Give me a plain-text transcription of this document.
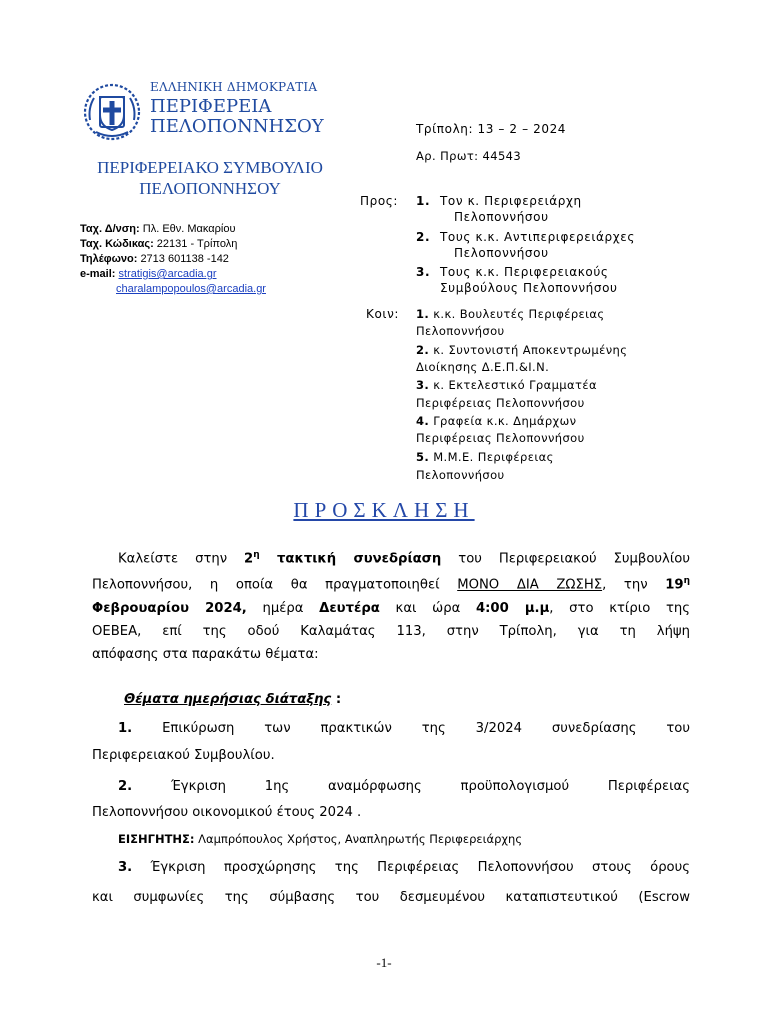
ΕΛΛΗΝΙΚΗ ΔΗΜΟΚΡΑΤΙΑ
ΠΕΡΙΦΕΡΕΙΑ
ΠΕΛΟΠΟΝΝΗΣΟΥ
ΠΕΡΙΦΕΡΕΙΑΚΟ ΣΥΜΒΟΥΛΙΟ
ΠΕΛΟΠΟΝΝΗΣΟΥ
Ταχ. Δ/νση: Πλ. Εθν. Μακαρίου
Ταχ. Κώδικας: 22131 - Τρίπολη
Τηλέφωνο: 2713 601138 -142
e-mail: stratigis@arcadia.gr
charalampopoulos@arcadia.gr
Τρίπολη: 13 – 2 – 2024
Αρ. Πρωτ: 44543
Προς: 1. Τον κ. Περιφερειάρχη
Πελοποννήσου
2. Τους κ.κ. Αντιπεριφερειάρχες
Πελοποννήσου
3. Τους κ.κ. Περιφερειακούς
Συμβούλους Πελοποννήσου
Κοιν: 1. κ.κ. Βουλευτές Περιφέρειας
Πελοποννήσου
2. κ. Συντονιστή Αποκεντρωμένης
Διοίκησης Δ.Ε.Π.&Ι.Ν.
3. κ. Εκτελεστικό Γραμματέα
Περιφέρειας Πελοποννήσου
4. Γραφεία κ.κ. Δημάρχων
Περιφέρειας Πελοποννήσου
5. Μ.Μ.Ε. Περιφέρειας
Πελοποννήσου
ΠΡΟΣΚΛΗΣΗ
Καλείστε στην $2^\eta$ τακτική συνεδρίαση του Περιφερειακού Συμβουλίου
Πελοποννήσου, η οποία θα πραγματοποιηθεί ΜΟΝΟ ΔΙΑ ΖΩΣΗΣ, την $19^\eta$
Φεβρουαρίου 2024, ημέρα Δευτέρα και ώρα 4:00 μ.μ, στο κτίριο της
ΟΕΒΕΑ, επί της οδού Καλαμάτας 113, στην Τρίπολη, για τη λήψη
απόφασης στα παρακάτω θέματα:
Θέματα ημερήσιας διάταξης :
1. Επικύρωση των πρακτικών της 3/2024 συνεδρίασης του
Περιφερειακού Συμβουλίου.
2. Έγκριση 1ης αναμόρφωσης προϋπολογισμού Περιφέρειας
Πελοποννήσου οικονομικού έτους 2024 .
ΕΙΣΗΓΗΤΗΣ: Λαμπρόπουλος Χρήστος, Αναπληρωτής Περιφερειάρχης
3. Έγκριση προσχώρησης της Περιφέρειας Πελοποννήσου στους όρους
και συμφωνίες της σύμβασης του δεσμευμένου καταπιστευτικού (Escrow
-1-
